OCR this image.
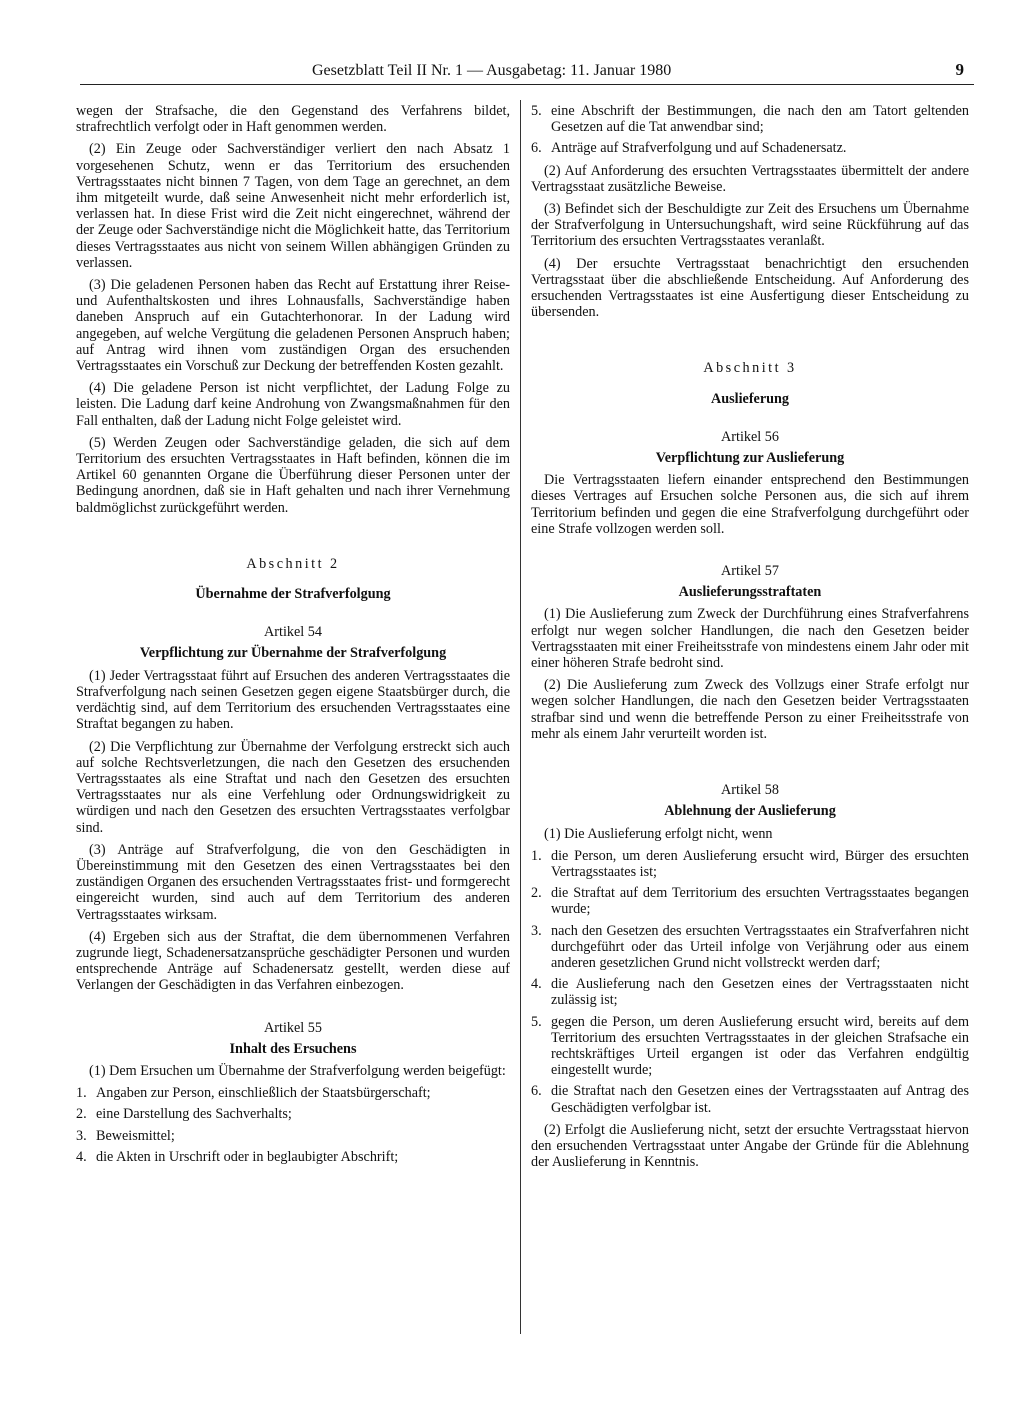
Gesetzblatt Teil II Nr. 1 — Ausgabetag: 11. Januar 1980	9

wegen der Strafsache, die den Gegenstand des Verfahrens bildet, strafrechtlich verfolgt oder in Haft genommen werden.

(2) Ein Zeuge oder Sachverständiger verliert den nach Absatz 1 vorgesehenen Schutz, wenn er das Territorium des ersuchenden Vertragsstaates nicht binnen 7 Tagen, von dem Tage an gerechnet, an dem ihm mitgeteilt wurde, daß seine Anwesenheit nicht mehr erforderlich ist, verlassen hat. In diese Frist wird die Zeit nicht eingerechnet, während der der Zeuge oder Sachverständige nicht die Möglichkeit hatte, das Territorium dieses Vertragsstaates aus nicht von seinem Willen abhängigen Gründen zu verlassen.

(3) Die geladenen Personen haben das Recht auf Erstattung ihrer Reise- und Aufenthaltskosten und ihres Lohnausfalls, Sachverständige haben daneben Anspruch auf ein Gutachterhonorar. In der Ladung wird angegeben, auf welche Vergütung die geladenen Personen Anspruch haben; auf Antrag wird ihnen vom zuständigen Organ des ersuchenden Vertragsstaates ein Vorschuß zur Deckung der betreffenden Kosten gezahlt.

(4) Die geladene Person ist nicht verpflichtet, der Ladung Folge zu leisten. Die Ladung darf keine Androhung von Zwangsmaßnahmen für den Fall enthalten, daß der Ladung nicht Folge geleistet wird.

(5) Werden Zeugen oder Sachverständige geladen, die sich auf dem Territorium des ersuchten Vertragsstaates in Haft befinden, können die im Artikel 60 genannten Organe die Überführung dieser Personen unter der Bedingung anordnen, daß sie in Haft gehalten und nach ihrer Vernehmung baldmöglichst zurückgeführt werden.

Abschnitt 2
Übernahme der Strafverfolgung
Artikel 54
Verpflichtung zur Übernahme der Strafverfolgung

(1) Jeder Vertragsstaat führt auf Ersuchen des anderen Vertragsstaates die Strafverfolgung nach seinen Gesetzen gegen eigene Staatsbürger durch, die verdächtig sind, auf dem Territorium des ersuchenden Vertragsstaates eine Straftat begangen zu haben.

(2) Die Verpflichtung zur Übernahme der Verfolgung erstreckt sich auch auf solche Rechtsverletzungen, die nach den Gesetzen des ersuchenden Vertragsstaates als eine Straftat und nach den Gesetzen des ersuchten Vertragsstaates nur als eine Verfehlung oder Ordnungswidrigkeit zu würdigen und nach den Gesetzen des ersuchten Vertragsstaates verfolgbar sind.

(3) Anträge auf Strafverfolgung, die von den Geschädigten in Übereinstimmung mit den Gesetzen des einen Vertragsstaates bei den zuständigen Organen des ersuchenden Vertragsstaates frist- und formgerecht eingereicht wurden, sind auch auf dem Territorium des anderen Vertragsstaates wirksam.

(4) Ergeben sich aus der Straftat, die dem übernommenen Verfahren zugrunde liegt, Schadenersatzansprüche geschädigter Personen und wurden entsprechende Anträge auf Schadenersatz gestellt, werden diese auf Verlangen der Geschädigten in das Verfahren einbezogen.

Artikel 55
Inhalt des Ersuchens

(1) Dem Ersuchen um Übernahme der Strafverfolgung werden beigefügt:

1. Angaben zur Person, einschließlich der Staatsbürgerschaft;
2. eine Darstellung des Sachverhalts;
3. Beweismittel;
4. die Akten in Urschrift oder in beglaubigter Abschrift;
5. eine Abschrift der Bestimmungen, die nach den am Tatort geltenden Gesetzen auf die Tat anwendbar sind;
6. Anträge auf Strafverfolgung und auf Schadenersatz.

(2) Auf Anforderung des ersuchten Vertragsstaates übermittelt der andere Vertragsstaat zusätzliche Beweise.

(3) Befindet sich der Beschuldigte zur Zeit des Ersuchens um Übernahme der Strafverfolgung in Untersuchungshaft, wird seine Rückführung auf das Territorium des ersuchten Vertragsstaates veranlaßt.

(4) Der ersuchte Vertragsstaat benachrichtigt den ersuchenden Vertragsstaat über die abschließende Entscheidung. Auf Anforderung des ersuchenden Vertragsstaates ist eine Ausfertigung dieser Entscheidung zu übersenden.

Abschnitt 3
Auslieferung
Artikel 56
Verpflichtung zur Auslieferung

Die Vertragsstaaten liefern einander entsprechend den Bestimmungen dieses Vertrages auf Ersuchen solche Personen aus, die sich auf ihrem Territorium befinden und gegen die eine Strafverfolgung durchgeführt oder eine Strafe vollzogen werden soll.

Artikel 57
Auslieferungsstraftaten

(1) Die Auslieferung zum Zweck der Durchführung eines Strafverfahrens erfolgt nur wegen solcher Handlungen, die nach den Gesetzen beider Vertragsstaaten mit einer Freiheitsstrafe von mindestens einem Jahr oder mit einer höheren Strafe bedroht sind.

(2) Die Auslieferung zum Zweck des Vollzugs einer Strafe erfolgt nur wegen solcher Handlungen, die nach den Gesetzen beider Vertragsstaaten strafbar sind und wenn die betreffende Person zu einer Freiheitsstrafe von mehr als einem Jahr verurteilt worden ist.

Artikel 58
Ablehnung der Auslieferung

(1) Die Auslieferung erfolgt nicht, wenn

1. die Person, um deren Auslieferung ersucht wird, Bürger des ersuchten Vertragsstaates ist;
2. die Straftat auf dem Territorium des ersuchten Vertragsstaates begangen wurde;
3. nach den Gesetzen des ersuchten Vertragsstaates ein Strafverfahren nicht durchgeführt oder das Urteil infolge von Verjährung oder aus einem anderen gesetzlichen Grund nicht vollstreckt werden darf;
4. die Auslieferung nach den Gesetzen eines der Vertragsstaaten nicht zulässig ist;
5. gegen die Person, um deren Auslieferung ersucht wird, bereits auf dem Territorium des ersuchten Vertragsstaates in der gleichen Strafsache ein rechtskräftiges Urteil ergangen ist oder das Verfahren endgültig eingestellt wurde;
6. die Straftat nach den Gesetzen eines der Vertragsstaaten auf Antrag des Geschädigten verfolgbar ist.

(2) Erfolgt die Auslieferung nicht, setzt der ersuchte Vertragsstaat hiervon den ersuchenden Vertragsstaat unter Angabe der Gründe für die Ablehnung der Auslieferung in Kenntnis.
